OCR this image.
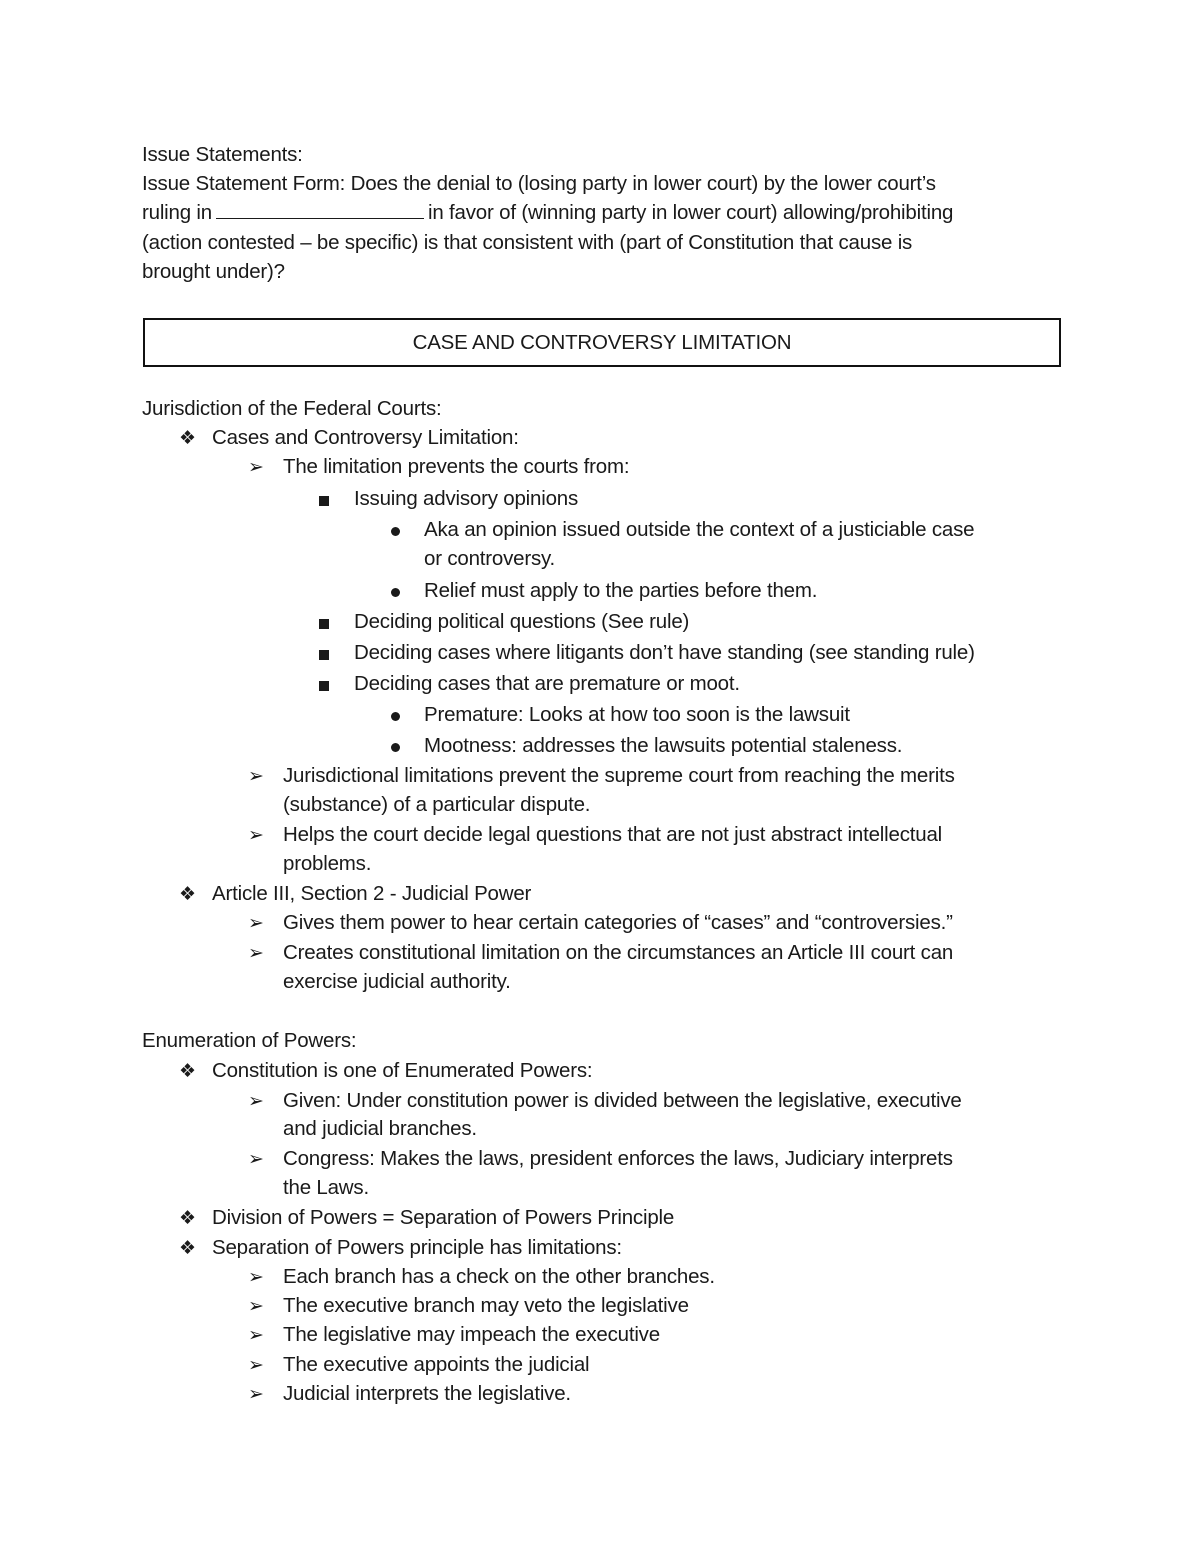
Issue Statements:
Issue Statement Form: Does the denial to (losing party in lower court) by the lower court’s
ruling in	in favor of (winning party in lower court) allowing/prohibiting
(action contested – be specific) is that consistent with (part of Constitution that cause is
brought under)?
CASE AND CONTROVERSY LIMITATION
Jurisdiction of the Federal Courts:
❖ Cases and Controversy Limitation:
➢ The limitation prevents the courts from:
Issuing advisory opinions
Aka an opinion issued outside the context of a justiciable case
or controversy.
Relief must apply to the parties before them.
Deciding political questions (See rule)
Deciding cases where litigants don’t have standing (see standing rule)
Deciding cases that are premature or moot.
Premature: Looks at how too soon is the lawsuit
Mootness: addresses the lawsuits potential staleness.
➢ Jurisdictional limitations prevent the supreme court from reaching the merits
(substance) of a particular dispute.
➢ Helps the court decide legal questions that are not just abstract intellectual
problems.
❖ Article III, Section 2 - Judicial Power
➢ Gives them power to hear certain categories of “cases” and “controversies.”
➢ Creates constitutional limitation on the circumstances an Article III court can
exercise judicial authority.
Enumeration of Powers:
❖ Constitution is one of Enumerated Powers:
➢ Given: Under constitution power is divided between the legislative, executive
and judicial branches.
➢ Congress: Makes the laws, president enforces the laws, Judiciary interprets
the Laws.
❖ Division of Powers = Separation of Powers Principle
❖ Separation of Powers principle has limitations:
➢ Each branch has a check on the other branches.
➢ The executive branch may veto the legislative
➢ The legislative may impeach the executive
➢ The executive appoints the judicial
➢ Judicial interprets the legislative.
